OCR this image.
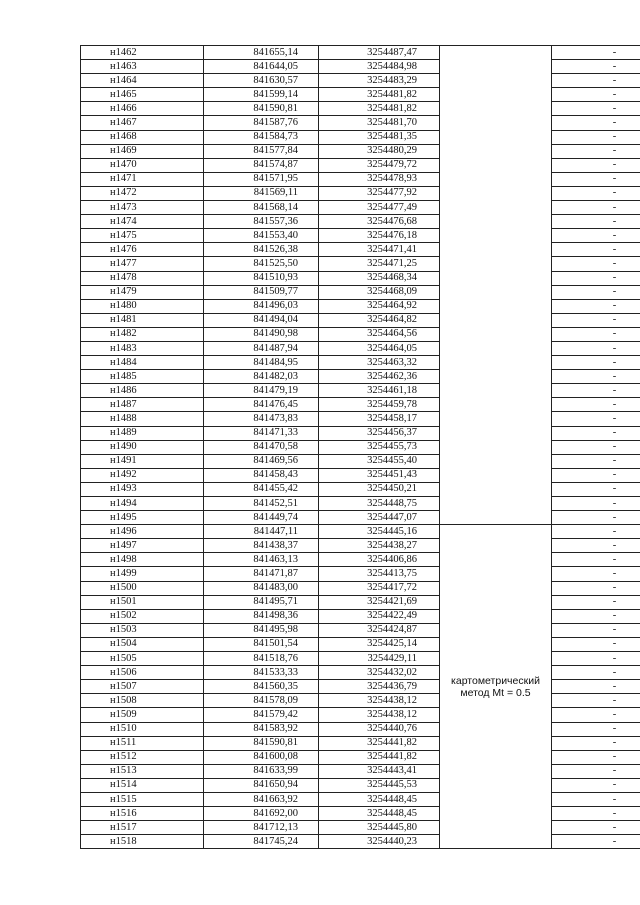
н1462	841655,14	3254487,47		-
н1463	841644,05	3254484,98		-
н1464	841630,57	3254483,29		-
н1465	841599,14	3254481,82		-
н1466	841590,81	3254481,82		-
н1467	841587,76	3254481,70		-
н1468	841584,73	3254481,35		-
н1469	841577,84	3254480,29		-
н1470	841574,87	3254479,72		-
н1471	841571,95	3254478,93		-
н1472	841569,11	3254477,92		-
н1473	841568,14	3254477,49		-
н1474	841557,36	3254476,68		-
н1475	841553,40	3254476,18		-
н1476	841526,38	3254471,41		-
н1477	841525,50	3254471,25		-
н1478	841510,93	3254468,34		-
н1479	841509,77	3254468,09		-
н1480	841496,03	3254464,92		-
н1481	841494,04	3254464,82		-
н1482	841490,98	3254464,56		-
н1483	841487,94	3254464,05		-
н1484	841484,95	3254463,32		-
н1485	841482,03	3254462,36		-
н1486	841479,19	3254461,18		-
н1487	841476,45	3254459,78		-
н1488	841473,83	3254458,17		-
н1489	841471,33	3254456,37		-
н1490	841470,58	3254455,73		-
н1491	841469,56	3254455,40		-
н1492	841458,43	3254451,43		-
н1493	841455,42	3254450,21		-
н1494	841452,51	3254448,75		-
н1495	841449,74	3254447,07		-
н1496	841447,11	3254445,16	картометрический
метод Mt = 0.5	-
н1497	841438,37	3254438,27		-
н1498	841463,13	3254406,86		-
н1499	841471,87	3254413,75		-
н1500	841483,00	3254417,72		-
н1501	841495,71	3254421,69		-
н1502	841498,36	3254422,49		-
н1503	841495,98	3254424,87		-
н1504	841501,54	3254425,14		-
н1505	841518,76	3254429,11		-
н1506	841533,33	3254432,02		-
н1507	841560,35	3254436,79		-
н1508	841578,09	3254438,12		-
н1509	841579,42	3254438,12		-
н1510	841583,92	3254440,76		-
н1511	841590,81	3254441,82		-
н1512	841600,08	3254441,82		-
н1513	841633,99	3254443,41		-
н1514	841650,94	3254445,53		-
н1515	841663,92	3254448,45		-
н1516	841692,00	3254448,45		-
н1517	841712,13	3254445,80		-
н1518	841745,24	3254440,23		-
